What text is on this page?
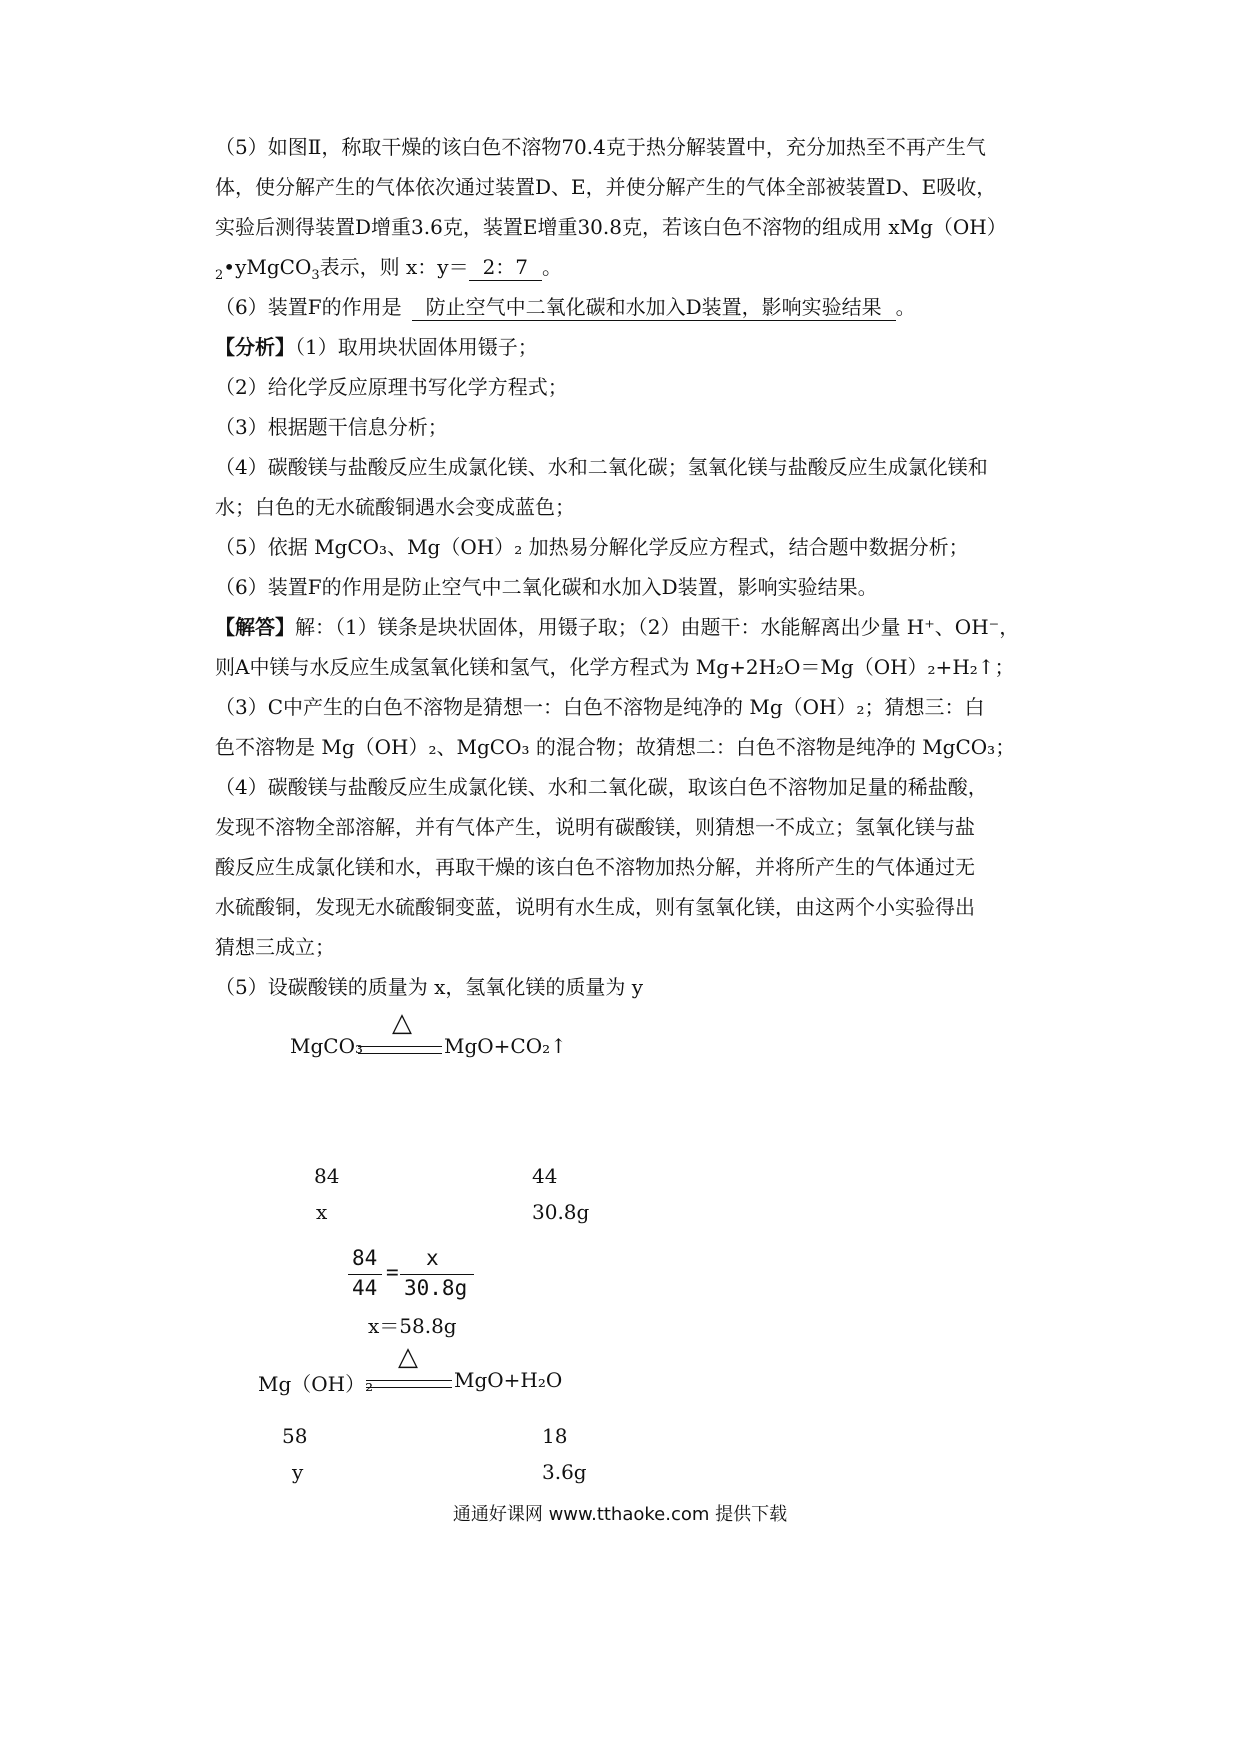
（5）如图Ⅱ，称取干燥的该白色不溶物70.4克于热分解装置中，充分加热至不再产生气
体，使分解产生的气体依次通过装置D、E，并使分解产生的气体全部被装置D、E吸收，
实验后测得装置D增重3.6克，装置E增重30.8克，若该白色不溶物的组成用 xMg（OH）
$_2$•yMgCO$_3$表示，则 x：y＝ 2：7 。
（6）装置F的作用是 防止空气中二氧化碳和水加入D装置，影响实验结果 。
【分析】（1）取用块状固体用镊子；
（2）给化学反应原理书写化学方程式；
（3）根据题干信息分析；
（4）碳酸镁与盐酸反应生成氯化镁、水和二氧化碳；氢氧化镁与盐酸反应生成氯化镁和
水；白色的无水硫酸铜遇水会变成蓝色；
（5）依据 MgCO₃、Mg（OH）₂ 加热易分解化学反应方程式，结合题中数据分析；
（6）装置F的作用是防止空气中二氧化碳和水加入D装置，影响实验结果。
【解答】解：（1）镁条是块状固体，用镊子取；（2）由题干：水能解离出少量 H⁺、OH⁻，
则A中镁与水反应生成氢氧化镁和氢气，化学方程式为 Mg+2H₂O＝Mg（OH）₂+H₂↑；
（3）C中产生的白色不溶物是猜想一：白色不溶物是纯净的 Mg（OH）₂；猜想三：白
色不溶物是 Mg（OH）₂、MgCO₃ 的混合物；故猜想二：白色不溶物是纯净的 MgCO₃；
（4）碳酸镁与盐酸反应生成氯化镁、水和二氧化碳，取该白色不溶物加足量的稀盐酸，
发现不溶物全部溶解，并有气体产生，说明有碳酸镁，则猜想一不成立；氢氧化镁与盐
酸反应生成氯化镁和水，再取干燥的该白色不溶物加热分解，并将所产生的气体通过无
水硫酸铜，发现无水硫酸铜变蓝，说明有水生成，则有氢氧化镁，由这两个小实验得出
猜想三成立；
（5）设碳酸镁的质量为 x，氢氧化镁的质量为 y
MgCO₃
△
MgO+CO₂↑
84	44
x	30.8g
84
44
=
x
30.8g
x＝58.8g
Mg（OH）₂
△
MgO+H₂O
58	18
y	3.6g
通通好课网 www.tthaoke.com 提供下载
